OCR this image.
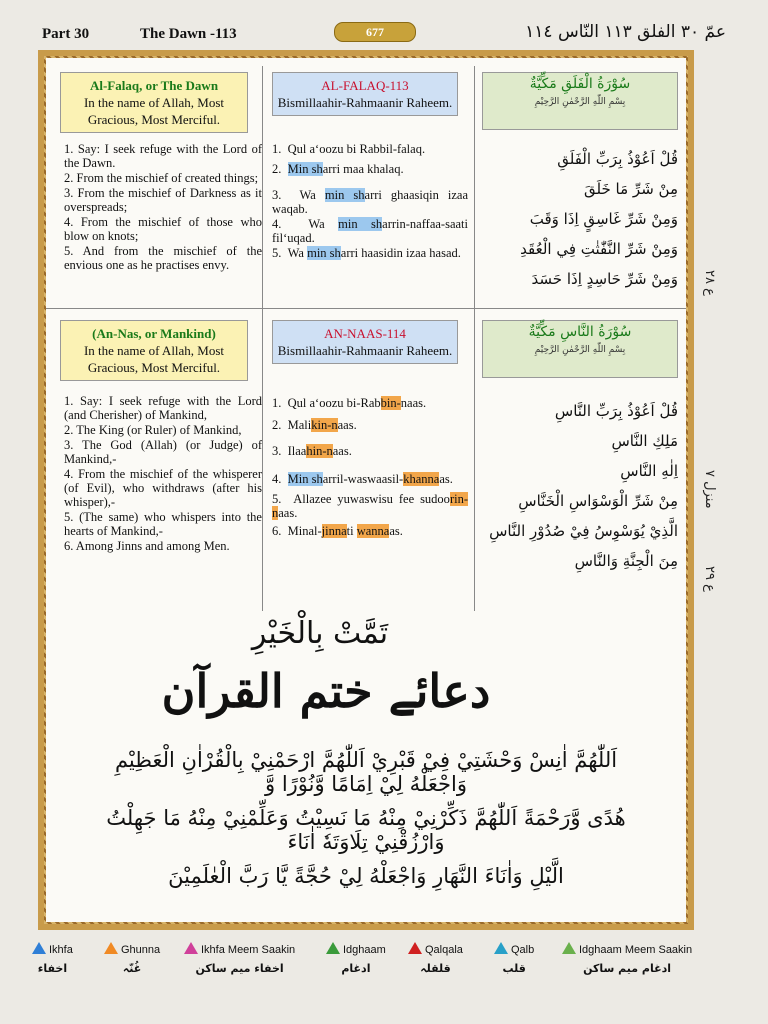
Part 30	The Dawn -113	677	عمّ ٣٠ الفلق ١١٣ النّاس ١١٤
Al-Falaq, or The Dawn
In the name of Allah, Most Gracious, Most Merciful.

1. Say: I seek refuge with the Lord of the Dawn.

2. From the mischief of created things;

3. From the mischief of Darkness as it overspreads;

4. From the mischief of those who blow on knots;

5. And from the mischief of the envious one as he practises envy.

AL-FALAQ-113
Bismillaahir-Rahmaanir Raheem.

1.  Qul a‘oozu bi Rabbil-falaq.

2.  Min sharri maa khalaq.

3.  Wa min sharri ghaasiqin izaa waqab.

4.  Wa min sharrin-naffaa-saati fil‘uqad.

5.  Wa min sharri haasidin izaa hasad.

سُوْرَةُ الْفَلَقِ مَكِّيَّةٌ
بِسْمِ اللّٰهِ الرَّحْمٰنِ الرَّحِيْمِ
قُلْ اَعُوْذُ بِرَبِّ الْفَلَقِ
مِنْ شَرِّ مَا خَلَقَ
وَمِنْ شَرِّ غَاسِقٍ اِذَا وَقَبَ
وَمِنْ شَرِّ النَّفّٰثٰتِ فِي الْعُقَدِ
وَمِنْ شَرِّ حَاسِدٍ اِذَا حَسَدَ
(An-Nas, or Mankind)
In the name of Allah, Most Gracious, Most Merciful.

1. Say: I seek refuge with the Lord (and Cherisher) of Mankind,

2. The King (or Ruler) of Mankind,

3. The God (Allah) (or Judge) of Mankind,-

4. From the mischief of the whisperer (of Evil), who withdraws (after his whisper),-

5. (The same) who whispers into the hearts of Mankind,-

6. Among Jinns and among Men.

AN-NAAS-114
Bismillaahir-Rahmaanir Raheem.

1.  Qul a‘oozu bi-Rabbin-naas.

2.  Malikin-naas.

3.  Ilaahin-naas.

4.  Min sharril-waswaasil-khannaas.

5.  Allazee yuwaswisu fee sudoorin-naas.

6.  Minal-jinnati wannaas.

سُوْرَةُ النَّاسِ مَكِّيَّةٌ
بِسْمِ اللّٰهِ الرَّحْمٰنِ الرَّحِيْمِ
قُلْ اَعُوْذُ بِرَبِّ النَّاسِ
مَلِكِ النَّاسِ
اِلٰهِ النَّاسِ
مِنْ شَرِّ الْوَسْوَاسِ الْخَنَّاسِ
الَّذِيْ يُوَسْوِسُ فِيْ صُدُوْرِ النَّاسِ
مِنَ الْجِنَّةِ وَالنَّاسِ
تَمَّتْ بِالْخَيْرِ
دعائے ختم القرآن
اَللّٰهُمَّ اٰنِسْ وَحْشَتِيْ فِيْ قَبْرِيْ اَللّٰهُمَّ ارْحَمْنِيْ بِالْقُرْاٰنِ الْعَظِيْمِ وَاجْعَلْهُ لِيْ اِمَامًا وَّنُوْرًا وَّ
هُدًى وَّرَحْمَةً اَللّٰهُمَّ ذَكِّرْنِيْ مِنْهُ مَا نَسِيْتُ وَعَلِّمْنِيْ مِنْهُ مَا جَهِلْتُ وَارْزُقْنِيْ تِلَاوَتَهٗ اٰنَاءَ
الَّيْلِ وَاٰنَاءَ النَّهَارِ وَاجْعَلْهُ لِيْ حُجَّةً يَّا رَبَّ الْعٰلَمِيْنَ
ع ٢٨
منزل ٧
ع ٢٩
Ikhfa
اخفاء
Ghunna
غُنّہ
Ikhfa Meem Saakin
اخفاء میم ساکن
Idghaam
ادغام
Qalqala
قلقلہ
Qalb
قلب
Idghaam Meem Saakin
ادغام میم ساکن
